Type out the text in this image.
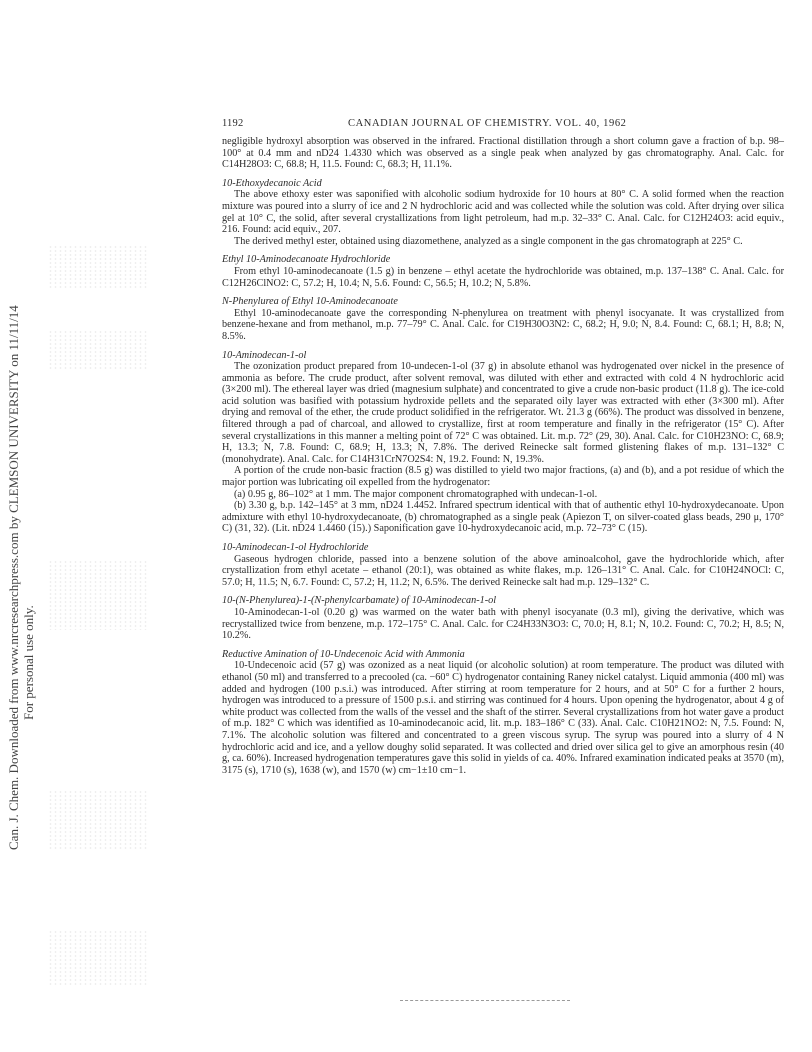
Can. J. Chem. Downloaded from www.nrcresearchpress.com by CLEMSON UNIVERSITY on 11/11/14 For personal use only.
1192	CANADIAN JOURNAL OF CHEMISTRY. VOL. 40, 1962

negligible hydroxyl absorption was observed in the infrared. Fractional distillation through a short column gave a fraction of b.p. 98–100° at 0.4 mm and nD24 1.4330 which was observed as a single peak when analyzed by gas chromatography. Anal. Calc. for C14H28O3: C, 68.8; H, 11.5. Found: C, 68.3; H, 11.1%.

10-Ethoxydecanoic Acid

The above ethoxy ester was saponified with alcoholic sodium hydroxide for 10 hours at 80° C. A solid formed when the reaction mixture was poured into a slurry of ice and 2 N hydrochloric acid and was collected while the solution was cold. After drying over silica gel at 10° C, the solid, after several crystallizations from light petroleum, had m.p. 32–33° C. Anal. Calc. for C12H24O3: acid equiv., 216. Found: acid equiv., 207.

The derived methyl ester, obtained using diazomethene, analyzed as a single component in the gas chromatograph at 225° C.

Ethyl 10-Aminodecanoate Hydrochloride

From ethyl 10-aminodecanoate (1.5 g) in benzene – ethyl acetate the hydrochloride was obtained, m.p. 137–138° C. Anal. Calc. for C12H26ClNO2: C, 57.2; H, 10.4; N, 5.6. Found: C, 56.5; H, 10.2; N, 5.8%.

N-Phenylurea of Ethyl 10-Aminodecanoate

Ethyl 10-aminodecanoate gave the corresponding N-phenylurea on treatment with phenyl isocyanate. It was crystallized from benzene-hexane and from methanol, m.p. 77–79° C. Anal. Calc. for C19H30O3N2: C, 68.2; H, 9.0; N, 8.4. Found: C, 68.1; H, 8.8; N, 8.5%.

10-Aminodecan-1-ol

The ozonization product prepared from 10-undecen-1-ol (37 g) in absolute ethanol was hydrogenated over nickel in the presence of ammonia as before. The crude product, after solvent removal, was diluted with ether and extracted with cold 4 N hydrochloric acid (3×200 ml). The ethereal layer was dried (magnesium sulphate) and concentrated to give a crude non-basic product (11.8 g). The ice-cold acid solution was basified with potassium hydroxide pellets and the separated oily layer was extracted with ether (3×300 ml). After drying and removal of the ether, the crude product solidified in the refrigerator. Wt. 21.3 g (66%). The product was dissolved in benzene, filtered through a pad of charcoal, and allowed to crystallize, first at room temperature and finally in the refrigerator (15° C). After several crystallizations in this manner a melting point of 72° C was obtained. Lit. m.p. 72° (29, 30). Anal. Calc. for C10H23NO: C, 68.9; H, 13.3; N, 7.8. Found: C, 68.9; H, 13.3; N, 7.8%. The derived Reinecke salt formed glistening flakes of m.p. 131–132° C (monohydrate). Anal. Calc. for C14H31CrN7O2S4: N, 19.2. Found: N, 19.3%.

A portion of the crude non-basic fraction (8.5 g) was distilled to yield two major fractions, (a) and (b), and a pot residue of which the major portion was lubricating oil expelled from the hydrogenator:

(a) 0.95 g, 86–102° at 1 mm. The major component chromatographed with undecan-1-ol.

(b) 3.30 g, b.p. 142–145° at 3 mm, nD24 1.4452. Infrared spectrum identical with that of authentic ethyl 10-hydroxydecanoate. Upon admixture with ethyl 10-hydroxydecanoate, (b) chromatographed as a single peak (Apiezon T, on silver-coated glass beads, 290 μ, 170° C) (31, 32). (Lit. nD24 1.4460 (15).) Saponification gave 10-hydroxydecanoic acid, m.p. 72–73° C (15).

10-Aminodecan-1-ol Hydrochloride

Gaseous hydrogen chloride, passed into a benzene solution of the above aminoalcohol, gave the hydrochloride which, after crystallization from ethyl acetate – ethanol (20:1), was obtained as white flakes, m.p. 126–131° C. Anal. Calc. for C10H24NOCl: C, 57.0; H, 11.5; N, 6.7. Found: C, 57.2; H, 11.2; N, 6.5%. The derived Reinecke salt had m.p. 129–132° C.

10-(N-Phenylurea)-1-(N-phenylcarbamate) of 10-Aminodecan-1-ol

10-Aminodecan-1-ol (0.20 g) was warmed on the water bath with phenyl isocyanate (0.3 ml), giving the derivative, which was recrystallized twice from benzene, m.p. 172–175° C. Anal. Calc. for C24H33N3O3: C, 70.0; H, 8.1; N, 10.2. Found: C, 70.2; H, 8.5; N, 10.2%.

Reductive Amination of 10-Undecenoic Acid with Ammonia

10-Undecenoic acid (57 g) was ozonized as a neat liquid (or alcoholic solution) at room temperature. The product was diluted with ethanol (50 ml) and transferred to a precooled (ca. −60° C) hydrogenator containing Raney nickel catalyst. Liquid ammonia (400 ml) was added and hydrogen (100 p.s.i.) was introduced. After stirring at room temperature for 2 hours, and at 50° C for a further 2 hours, hydrogen was introduced to a pressure of 1500 p.s.i. and stirring was continued for 4 hours. Upon opening the hydrogenator, about 4 g of white product was collected from the walls of the vessel and the shaft of the stirrer. Several crystallizations from hot water gave a product of m.p. 182° C which was identified as 10-aminodecanoic acid, lit. m.p. 183–186° C (33). Anal. Calc. C10H21NO2: N, 7.5. Found: N, 7.1%. The alcoholic solution was filtered and concentrated to a green viscous syrup. The syrup was poured into a slurry of 4 N hydrochloric acid and ice, and a yellow doughy solid separated. It was collected and dried over silica gel to give an amorphous resin (40 g, ca. 60%). Increased hydrogenation temperatures gave this solid in yields of ca. 40%. Infrared examination indicated peaks at 3570 (m), 3175 (s), 1710 (s), 1638 (w), and 1570 (w) cm−1±10 cm−1.
